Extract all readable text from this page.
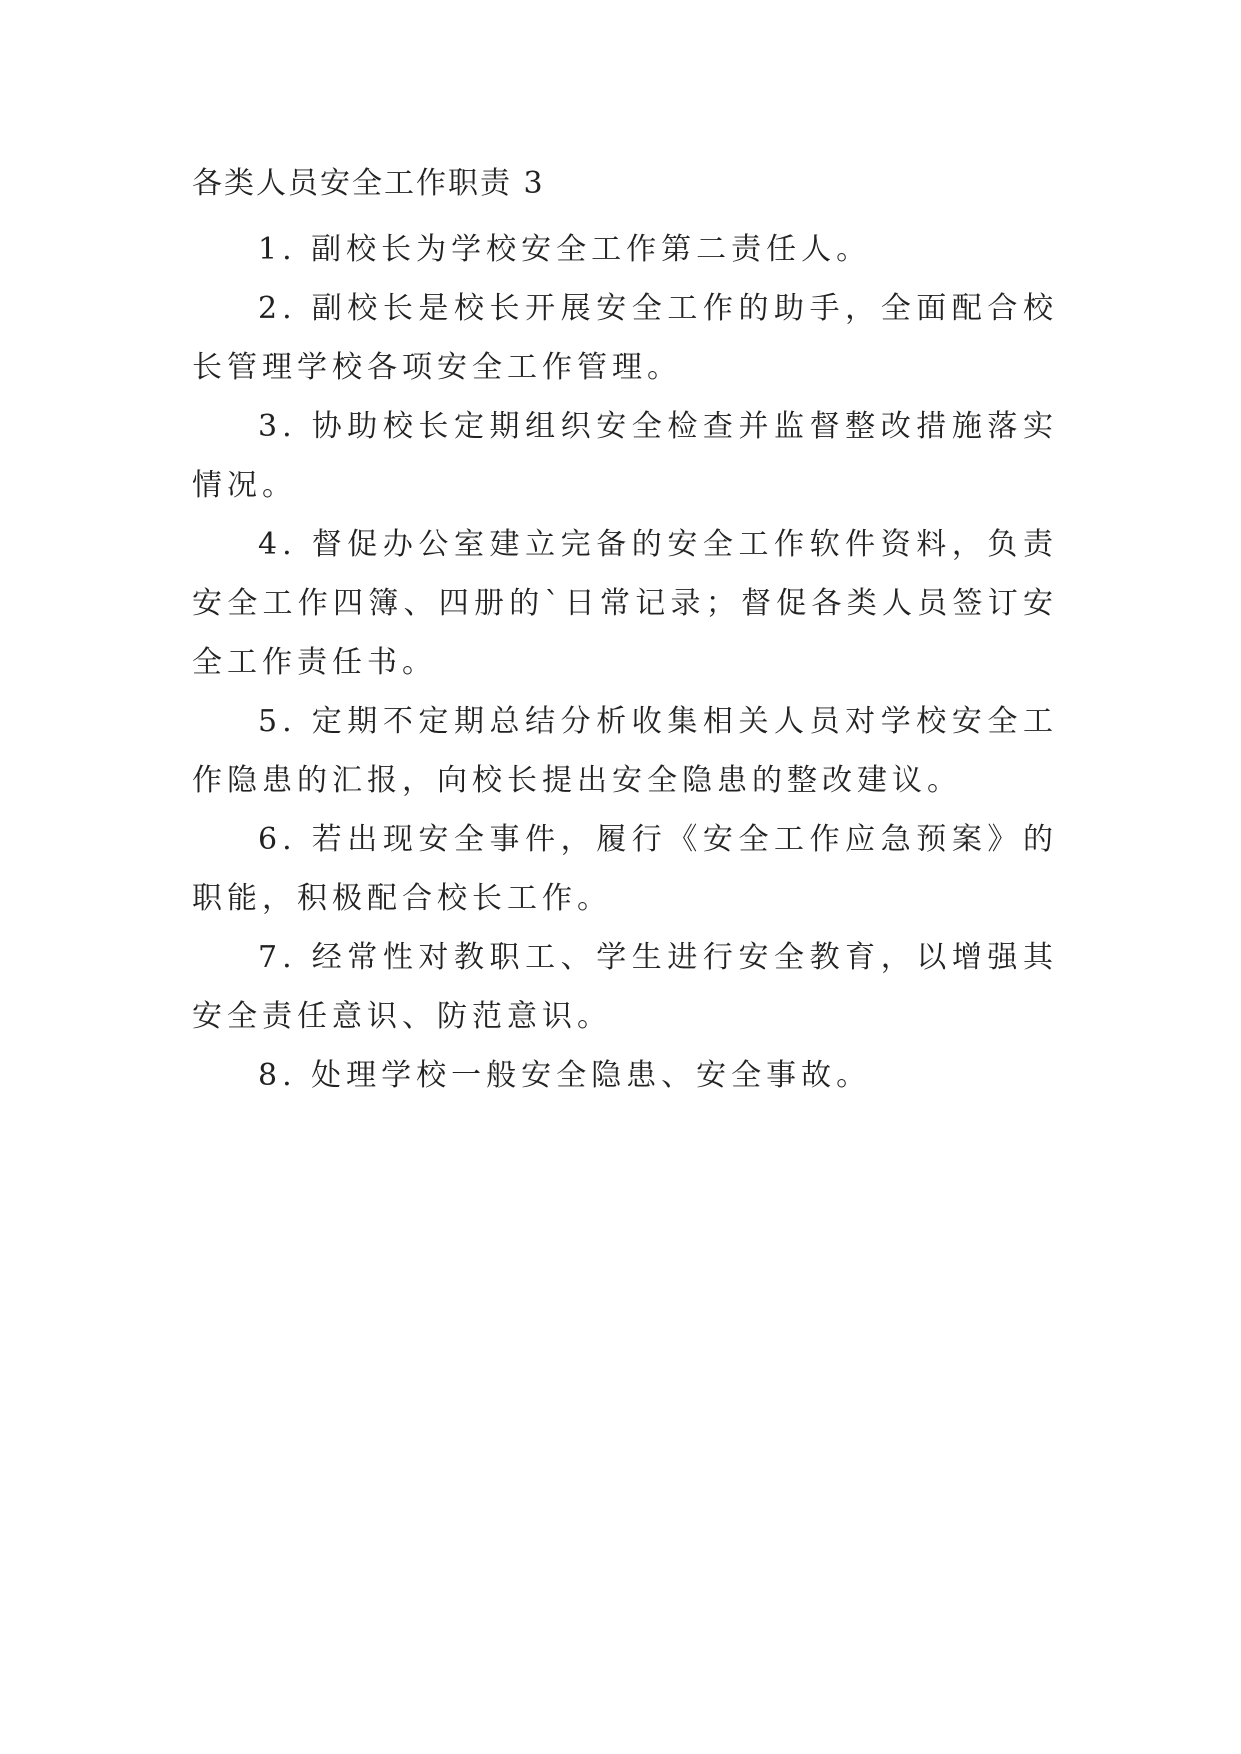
各类人员安全工作职责 3

1. 副校长为学校安全工作第二责任人。

2. 副校长是校长开展安全工作的助手，全面配合校长管理学校各项安全工作管理。

3. 协助校长定期组织安全检查并监督整改措施落实情况。

4. 督促办公室建立完备的安全工作软件资料，负责安全工作四簿、四册的`日常记录；督促各类人员签订安全工作责任书。

5. 定期不定期总结分析收集相关人员对学校安全工作隐患的汇报，向校长提出安全隐患的整改建议。

6. 若出现安全事件，履行《安全工作应急预案》的职能，积极配合校长工作。

7. 经常性对教职工、学生进行安全教育，以增强其安全责任意识、防范意识。

8. 处理学校一般安全隐患、安全事故。
